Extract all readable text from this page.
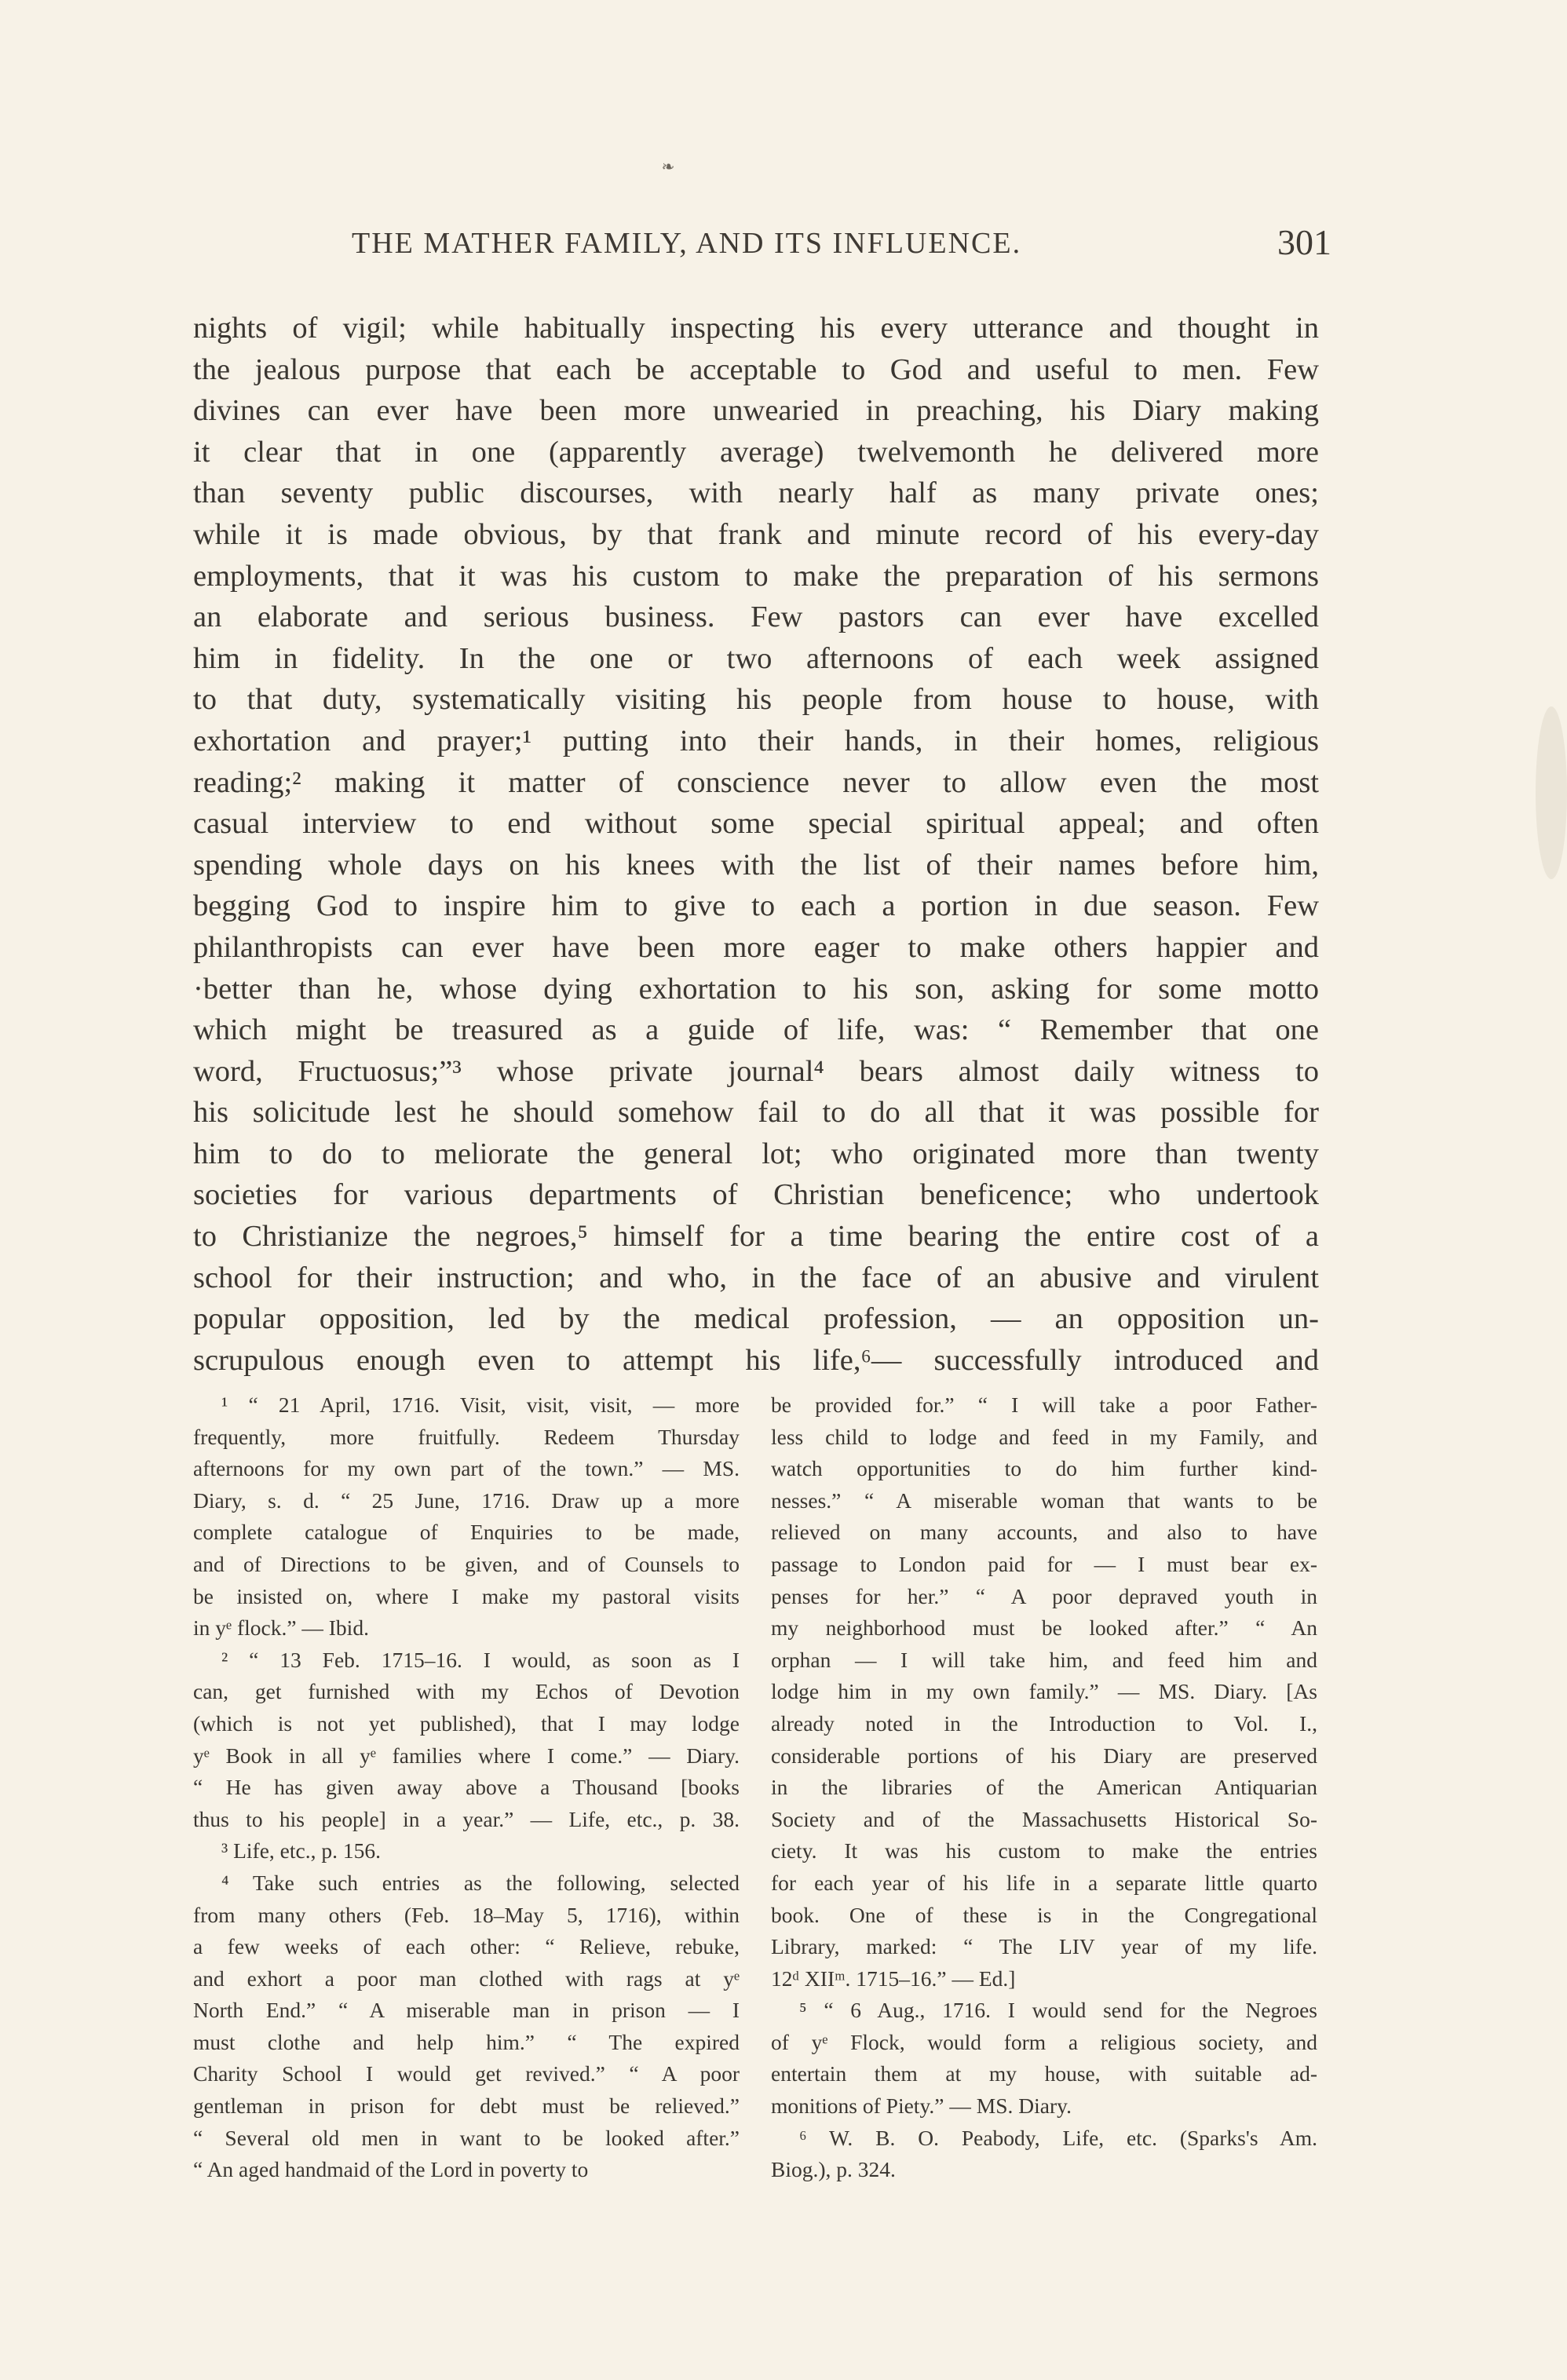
❧
THE MATHER FAMILY, AND ITS INFLUENCE.	301
nights of vigil; while habitually inspecting his every utterance and thought in
the jealous purpose that each be acceptable to God and useful to men. Few
divines can ever have been more unwearied in preaching, his Diary making
it clear that in one (apparently average) twelvemonth he delivered more
than seventy public discourses, with nearly half as many private ones;
while it is made obvious, by that frank and minute record of his every-day
employments, that it was his custom to make the preparation of his sermons
an elaborate and serious business. Few pastors can ever have excelled
him in fidelity. In the one or two afternoons of each week assigned
to that duty, systematically visiting his people from house to house, with
exhortation and prayer;¹ putting into their hands, in their homes, religious
reading;² making it matter of conscience never to allow even the most
casual interview to end without some special spiritual appeal; and often
spending whole days on his knees with the list of their names before him,
begging God to inspire him to give to each a portion in due season. Few
philanthropists can ever have been more eager to make others happier and
·better than he, whose dying exhortation to his son, asking for some motto
which might be treasured as a guide of life, was: “ Remember that one
word, Fructuosus;”³ whose private journal⁴ bears almost daily witness to
his solicitude lest he should somehow fail to do all that it was possible for
him to do to meliorate the general lot; who originated more than twenty
societies for various departments of Christian beneficence; who undertook
to Christianize the negroes,⁵ himself for a time bearing the entire cost of a
school for their instruction; and who, in the face of an abusive and virulent
popular opposition, led by the medical profession, — an opposition un-
scrupulous enough even to attempt his life,⁶— successfully introduced and
¹ “ 21 April, 1716. Visit, visit, visit, — more
frequently, more fruitfully. Redeem Thursday
afternoons for my own part of the town.” — MS.
Diary, s. d. “ 25 June, 1716. Draw up a more
complete catalogue of Enquiries to be made,
and of Directions to be given, and of Counsels to
be insisted on, where I make my pastoral visits
in yᵉ flock.” — Ibid.
² “ 13 Feb. 1715–16. I would, as soon as I
can, get furnished with my Echos of Devotion
(which is not yet published), that I may lodge
yᵉ Book in all yᵉ families where I come.” — Diary.
“ He has given away above a Thousand [books
thus to his people] in a year.” — Life, etc., p. 38.
³ Life, etc., p. 156.
⁴ Take such entries as the following, selected
from many others (Feb. 18–May 5, 1716), within
a few weeks of each other: “ Relieve, rebuke,
and exhort a poor man clothed with rags at yᵉ
North End.” “ A miserable man in prison — I
must clothe and help him.” “ The expired
Charity School I would get revived.” “ A poor
gentleman in prison for debt must be relieved.”
“ Several old men in want to be looked after.”
“ An aged handmaid of the Lord in poverty to
be provided for.” “ I will take a poor Father-
less child to lodge and feed in my Family, and
watch opportunities to do him further kind-
nesses.” “ A miserable woman that wants to be
relieved on many accounts, and also to have
passage to London paid for — I must bear ex-
penses for her.” “ A poor depraved youth in
my neighborhood must be looked after.” “ An
orphan — I will take him, and feed him and
lodge him in my own family.” — MS. Diary. [As
already noted in the Introduction to Vol. I.,
considerable portions of his Diary are preserved
in the libraries of the American Antiquarian
Society and of the Massachusetts Historical So-
ciety. It was his custom to make the entries
for each year of his life in a separate little quarto
book. One of these is in the Congregational
Library, marked: “ The LIV year of my life.
12ᵈ XIIᵐ. 1715–16.” — Ed.]
⁵ “ 6 Aug., 1716. I would send for the Negroes
of yᵉ Flock, would form a religious society, and
entertain them at my house, with suitable ad-
monitions of Piety.” — MS. Diary.
⁶ W. B. O. Peabody, Life, etc. (Sparks's Am.
Biog.), p. 324.
